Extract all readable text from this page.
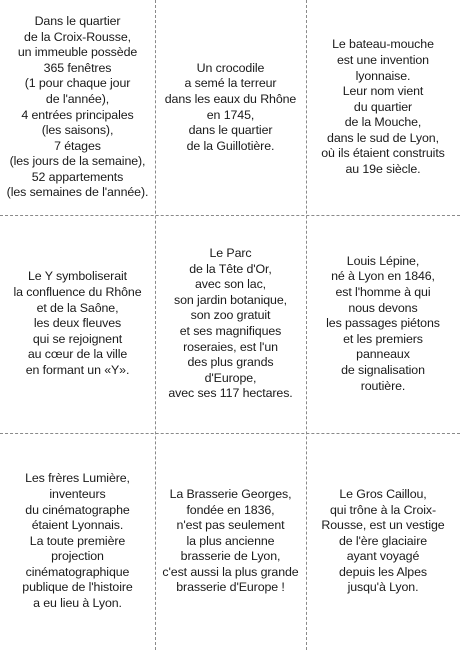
Dans le quartier
de la Croix-Rousse,
un immeuble possède
365 fenêtres
(1 pour chaque jour
de l'année),
4 entrées principales
(les saisons),
7 étages
(les jours de la semaine),
52 appartements
(les semaines de l'année).
Un crocodile
a semé la terreur
dans les eaux du Rhône
en 1745,
dans le quartier
de la Guillotière.
Le bateau-mouche
est une invention
lyonnaise.
Leur nom vient
du quartier
de la Mouche,
dans le sud de Lyon,
où ils étaient construits
au 19e siècle.
Le Y symboliserait
la confluence du Rhône
et de la Saône,
les deux fleuves
qui se rejoignent
au cœur de la ville
en formant un «Y».
Le Parc
de la Tête d'Or,
avec son lac,
son jardin botanique,
son zoo gratuit
et ses magnifiques
roseraies, est l'un
des plus grands
d'Europe,
avec ses 117 hectares.
Louis Lépine,
né à Lyon en 1846,
est l'homme à qui
nous devons
les passages piétons
et les premiers
panneaux
de signalisation
routière.
Les frères Lumière,
inventeurs
du cinématographe
étaient Lyonnais.
La toute première
projection
cinématographique
publique de l'histoire
a eu lieu à Lyon.
La Brasserie Georges,
fondée en 1836,
n'est pas seulement
la plus ancienne
brasserie de Lyon,
c'est aussi la plus grande
brasserie d'Europe !
Le Gros Caillou,
qui trône à la Croix-
Rousse, est un vestige
de l'ère glaciaire
ayant voyagé
depuis les Alpes
jusqu'à Lyon.
